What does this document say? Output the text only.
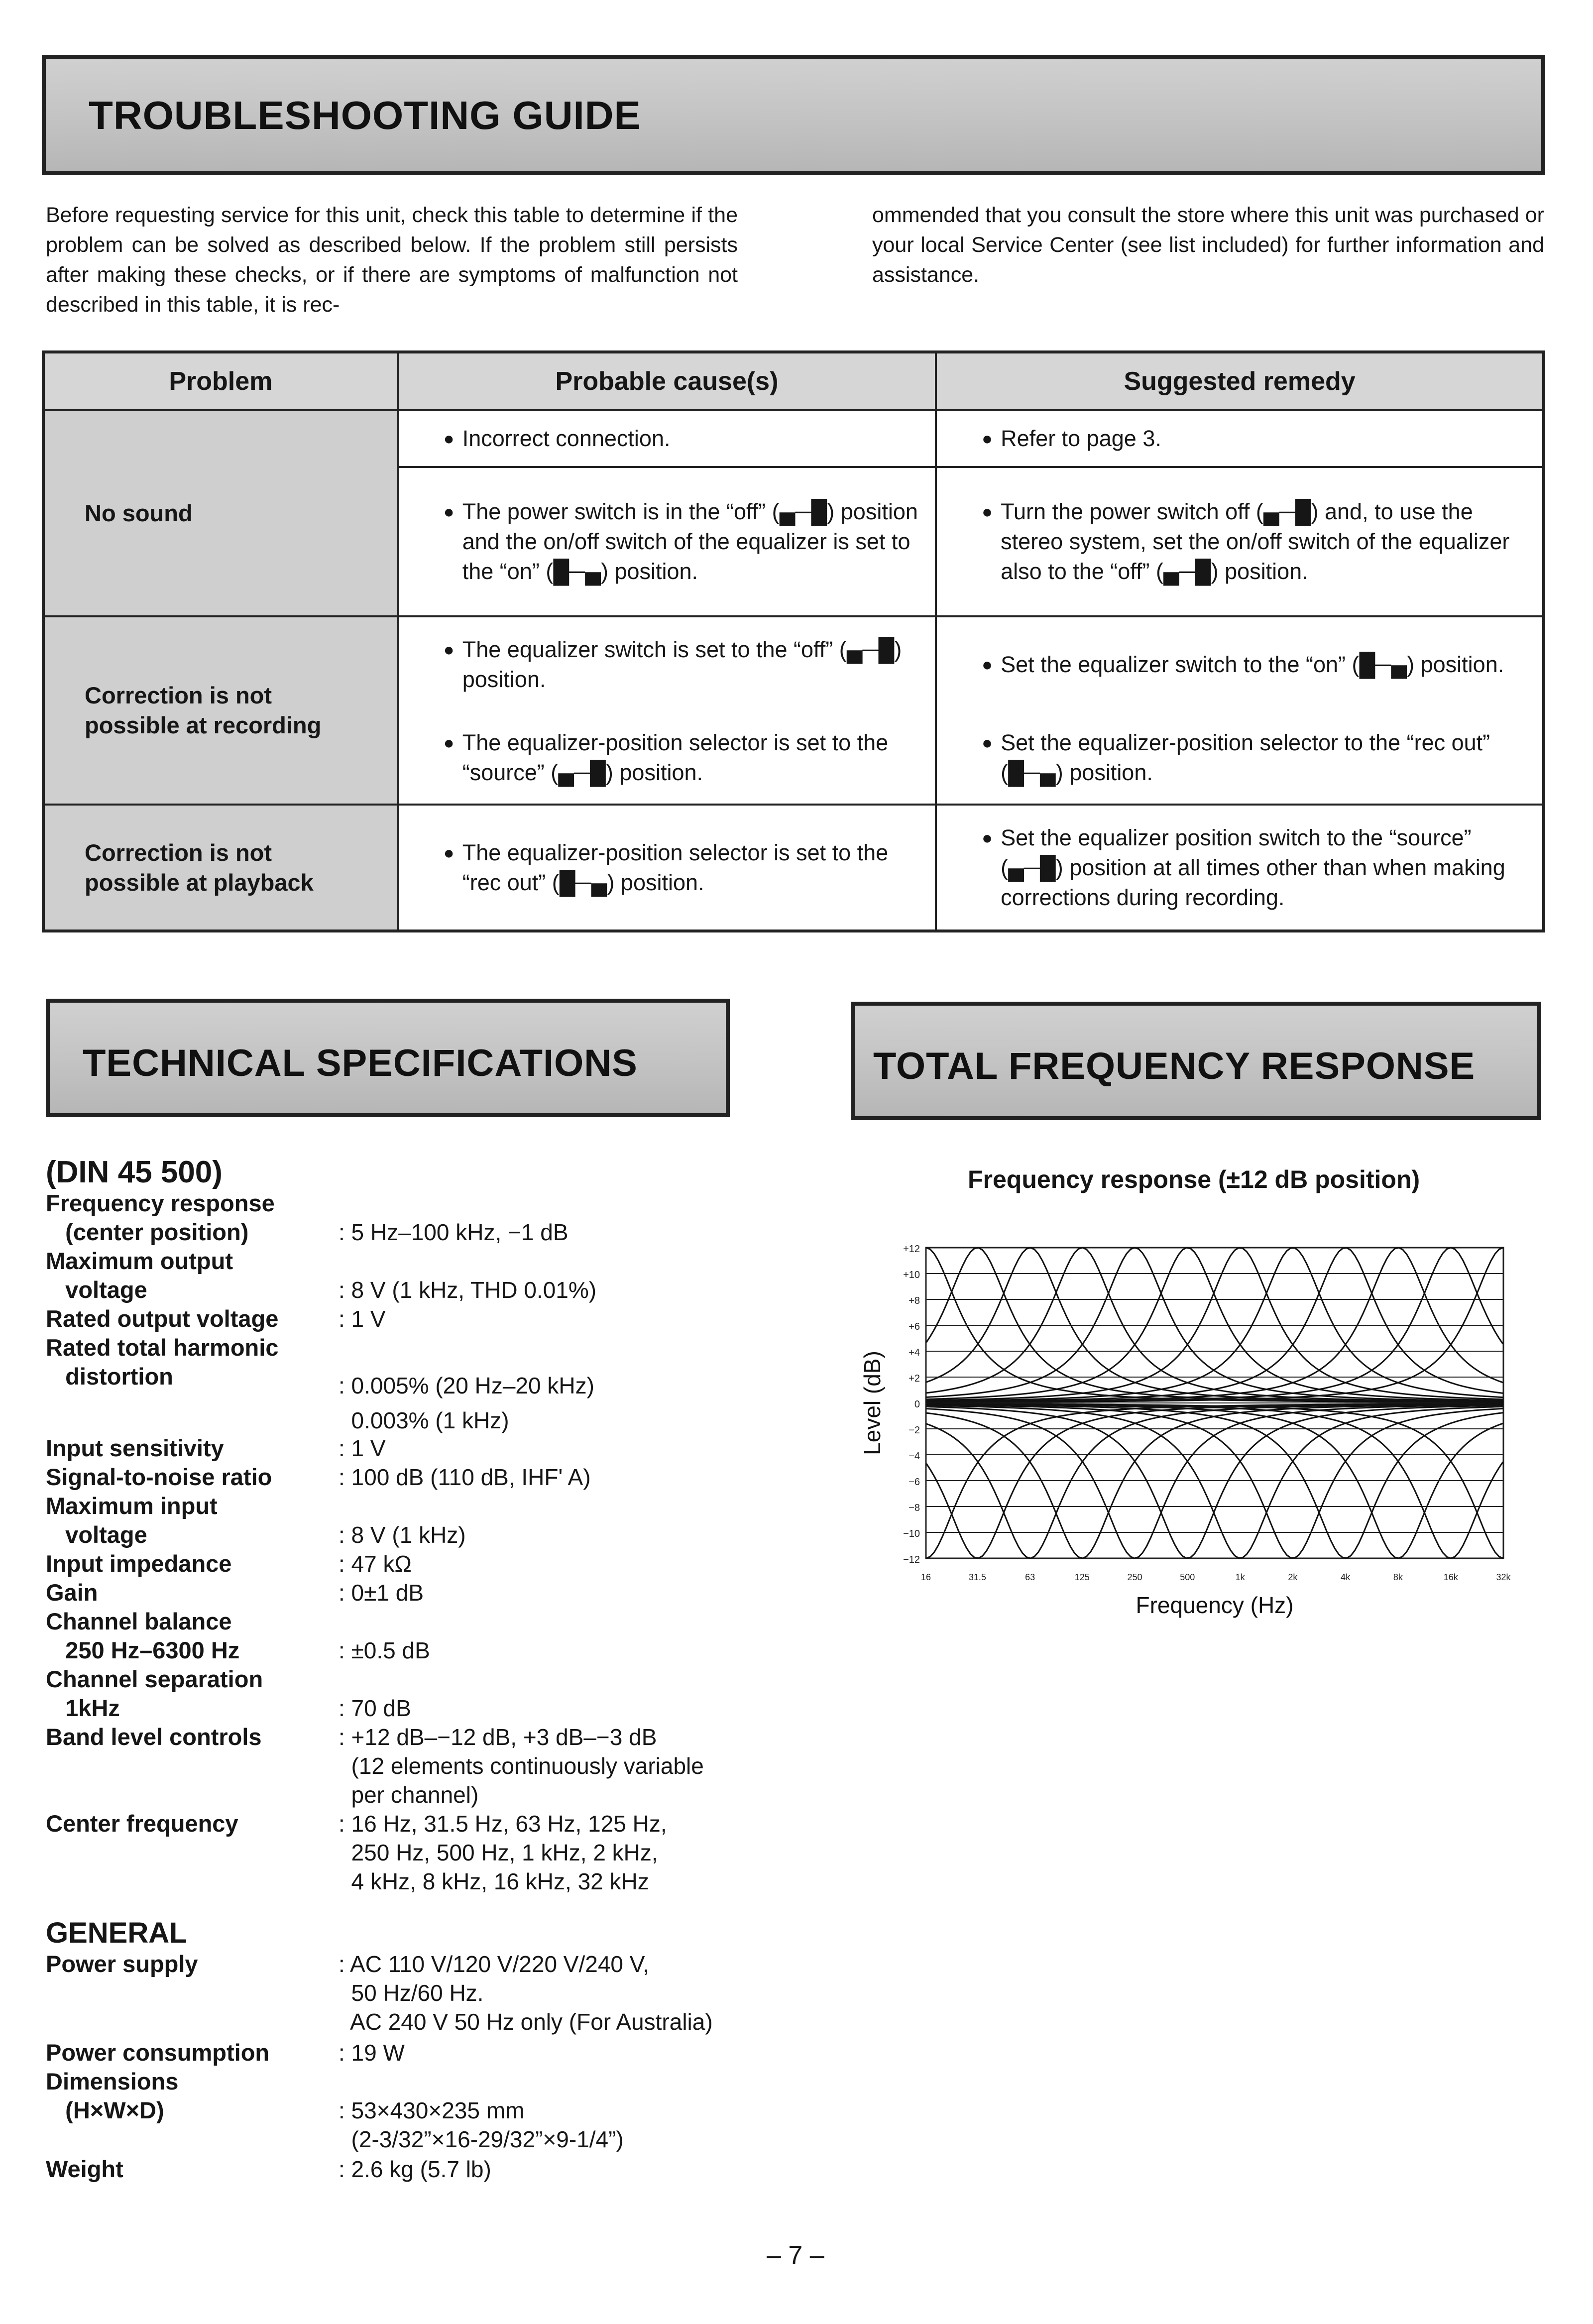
TROUBLESHOOTING GUIDE

Before requesting service for this unit, check this table to determine if the problem can be solved as described below. If the problem still persists after making these checks, or if there are symptoms of malfunction not described in this table, it is rec-

ommended that you consult the store where this unit was purchased or your local Service Center (see list included) for further information and assistance.

Problem	Probable cause(s)	Suggested remedy
No sound	● Incorrect connection.	● Refer to page 3.

	● The power switch is in the “off” (▄─█) position and the on/off switch of the equalizer is set to the “on” (█─▄) position.	● Turn the power switch off (▄─█) and, to use the stereo system, set the on/off switch of the equalizer also to the “off” (▄─█) position.

Correction is not possible at recording	● The equalizer switch is set to the “off” (▄─█) position.	● Set the equalizer switch to the “on” (█─▄) position.

	● The equalizer-position selector is set to the “source” (▄─█) position.	● Set the equalizer-position selector to the “rec out” (█─▄) position.

Correction is not possible at playback	● The equalizer-position selector is set to the “rec out” (█─▄) position.	● Set the equalizer position switch to the “source” (▄─█) position at all times other than when making corrections during recording.
TECHNICAL SPECIFICATIONS	TOTAL FREQUENCY RESPONSE
(DIN 45 500)
Frequency response
(center position)	: 5 Hz–100 kHz, −1 dB
Maximum output
voltage	: 8 V (1 kHz, THD 0.01%)
Rated output voltage	: 1 V
Rated total harmonic
distortion	: 0.005% (20 Hz–20 kHz)
0.003% (1 kHz)
Input sensitivity	: 1 V
Signal-to-noise ratio	: 100 dB (110 dB, IHF' A)
Maximum input
voltage	: 8 V (1 kHz)
Input impedance	: 47 kΩ
Gain	: 0±1 dB
Channel balance
250 Hz–6300 Hz	: ±0.5 dB
Channel separation
1kHz	: 70 dB
Band level controls	: +12 dB–−12 dB, +3 dB–−3 dB
(12 elements continuously variable
per channel)
Center frequency	: 16 Hz, 31.5 Hz, 63 Hz, 125 Hz,
250 Hz, 500 Hz, 1 kHz, 2 kHz,
4 kHz, 8 kHz, 16 kHz, 32 kHz
GENERAL
Power supply	: AC 110 V/120 V/220 V/240 V,
50 Hz/60 Hz.
AC 240 V 50 Hz only (For Australia)
Power consumption	: 19 W
Dimensions
(H×W×D)	: 53×430×235 mm
(2-3/32”×16-29/32”×9-1/4”)
Weight	: 2.6 kg (5.7 lb)
Frequency response (±12 dB position)
+12
+10
+8
+6
+4
+2
0
−2
−4
−6
−8
−10
−12
16	31.5	63	125	250	500	1k	2k	4k	8k	16k	32k
Frequency (Hz)
Level (dB)
– 7 –
